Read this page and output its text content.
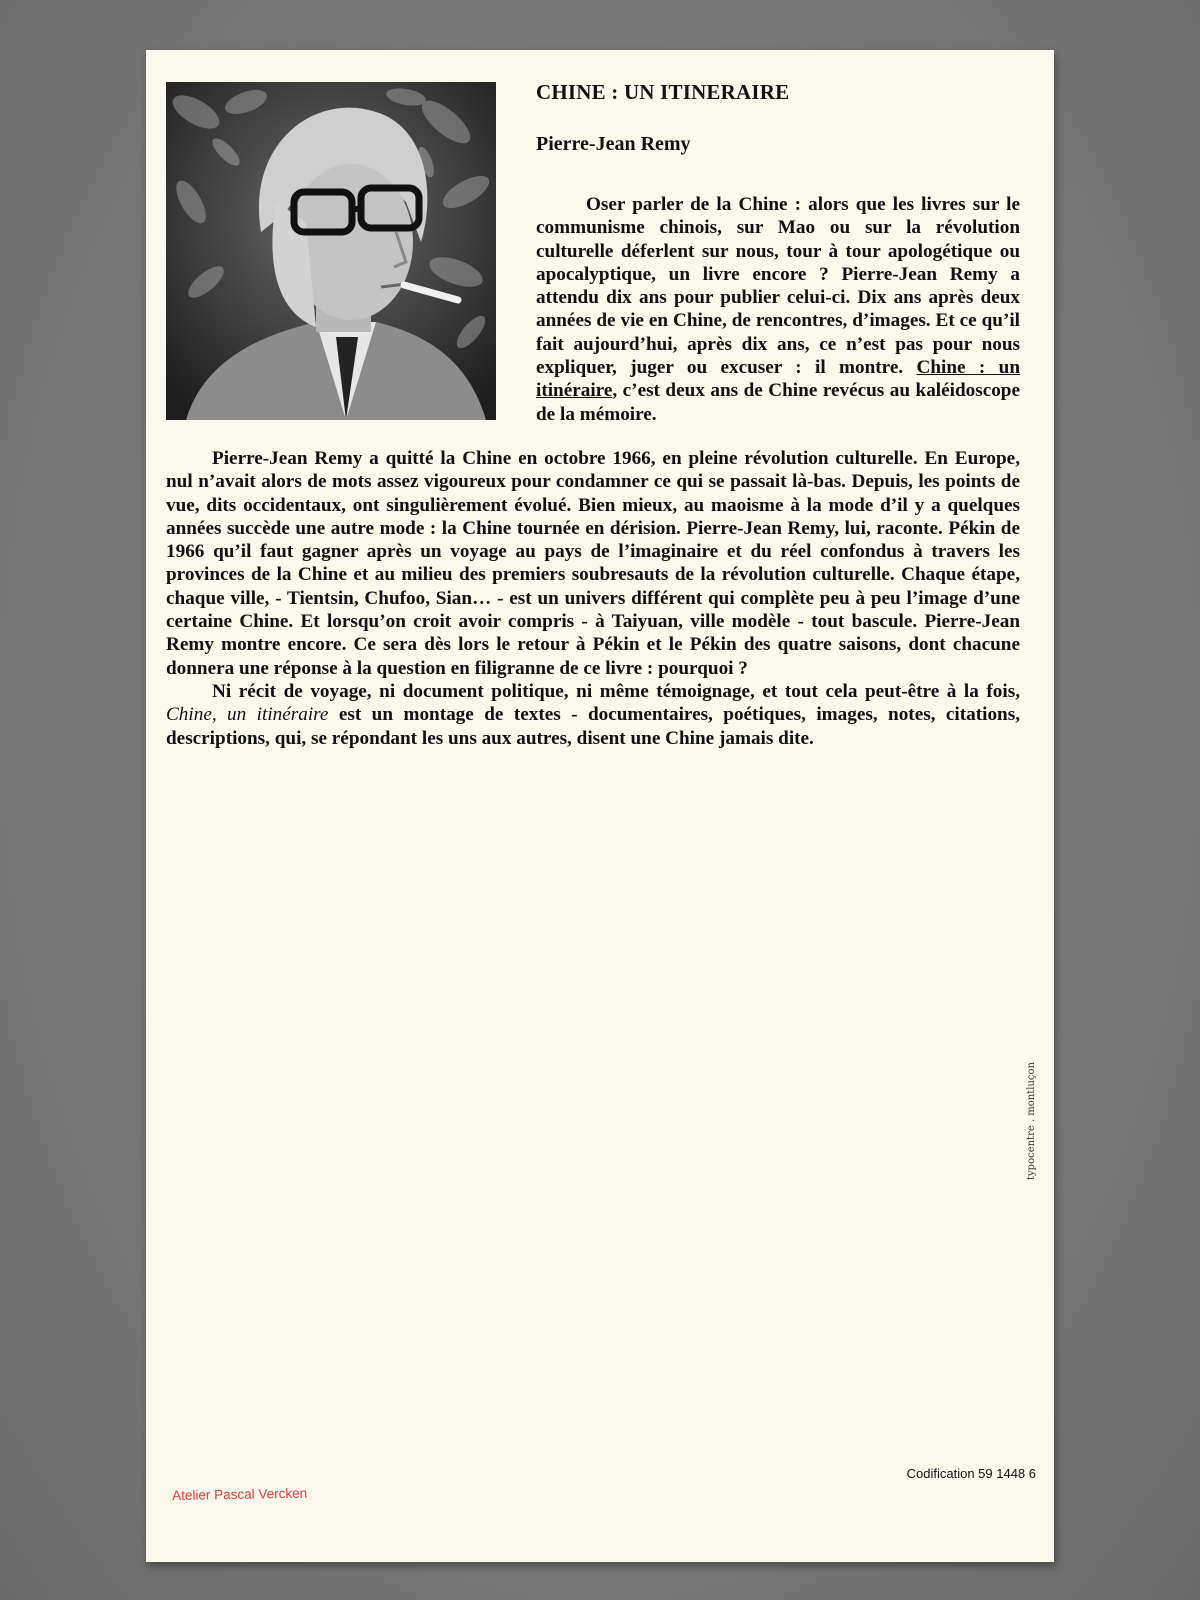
CHINE : UN ITINERAIRE
Pierre-Jean Remy

Oser parler de la Chine : alors que les livres sur le communisme chinois, sur Mao ou sur la révolution culturelle déferlent sur nous, tour à tour apologétique ou apocalyptique, un livre encore ? Pierre-Jean Remy a attendu dix ans pour publier celui-ci. Dix ans après deux années de vie en Chine, de rencontres, d’images. Et ce qu’il fait aujourd’hui, après dix ans, ce n’est pas pour nous expliquer, juger ou excuser : il montre. Chine : un itinéraire, c’est deux ans de Chine revécus au kaléidoscope de la mémoire.

Pierre-Jean Remy a quitté la Chine en octobre 1966, en pleine révolution culturelle. En Europe, nul n’avait alors de mots assez vigoureux pour condamner ce qui se passait là-bas. Depuis, les points de vue, dits occidentaux, ont singulièrement évolué. Bien mieux, au maoisme à la mode d’il y a quelques années succède une autre mode : la Chine tournée en dérision. Pierre-Jean Remy, lui, raconte. Pékin de 1966 qu’il faut gagner après un voyage au pays de l’imaginaire et du réel confondus à travers les provinces de la Chine et au milieu des premiers soubresauts de la révolution culturelle. Chaque étape, chaque ville, - Tientsin, Chufoo, Sian… - est un univers différent qui complète peu à peu l’image d’une certaine Chine. Et lorsqu’on croit avoir compris - à Taiyuan, ville modèle - tout bascule. Pierre-Jean Remy montre encore. Ce sera dès lors le retour à Pékin et le Pékin des quatre saisons, dont chacune donnera une réponse à la question en filigranne de ce livre : pourquoi ?

Ni récit de voyage, ni document politique, ni même témoignage, et tout cela peut-être à la fois, Chine, un itinéraire est un montage de textes - documentaires, poétiques, images, notes, citations, descriptions, qui, se répondant les uns aux autres, disent une Chine jamais dite.

typocentre . montluçon
Codification 59 1448 6
Atelier Pascal Vercken
